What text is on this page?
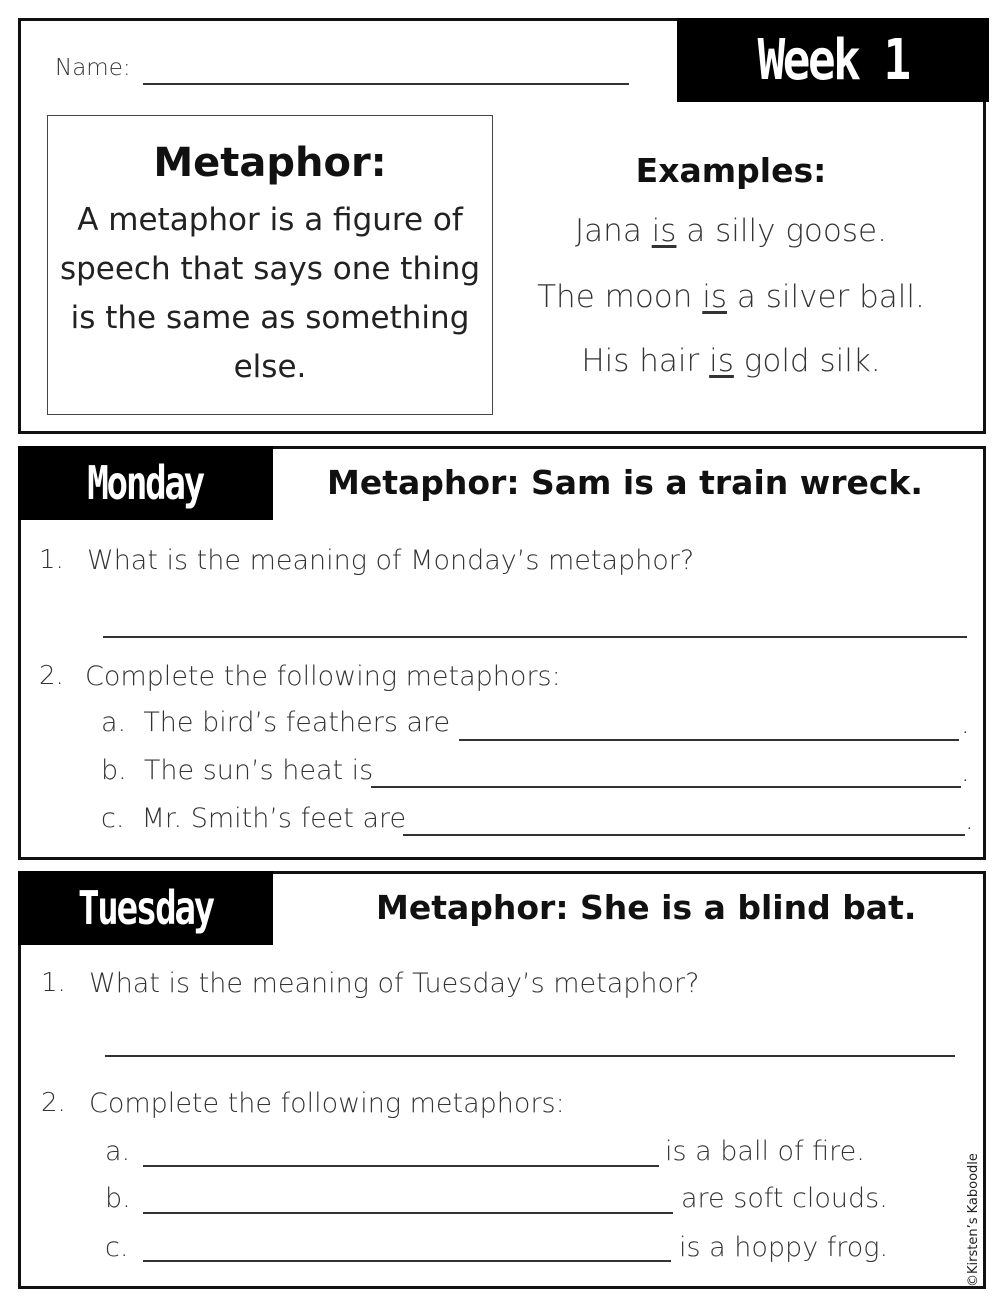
Name:	Week 1
Metaphor:
A metaphor is a figure of speech that says one thing is the same as something else.
Examples:
Jana is a silly goose.
The moon is a silver ball.
His hair is gold silk.
Monday	Metaphor: Sam is a train wreck.
1. What is the meaning of Monday’s metaphor?
2. Complete the following metaphors:
a. The bird’s feathers are	.
b. The sun’s heat is	.
c. Mr. Smith’s feet are	.
Tuesday	Metaphor: She is a blind bat.
1. What is the meaning of Tuesday’s metaphor?
2. Complete the following metaphors:
a.	is a ball of fire.
b.	are soft clouds.
c.	is a hoppy frog.	©Kirsten’s Kaboodle
